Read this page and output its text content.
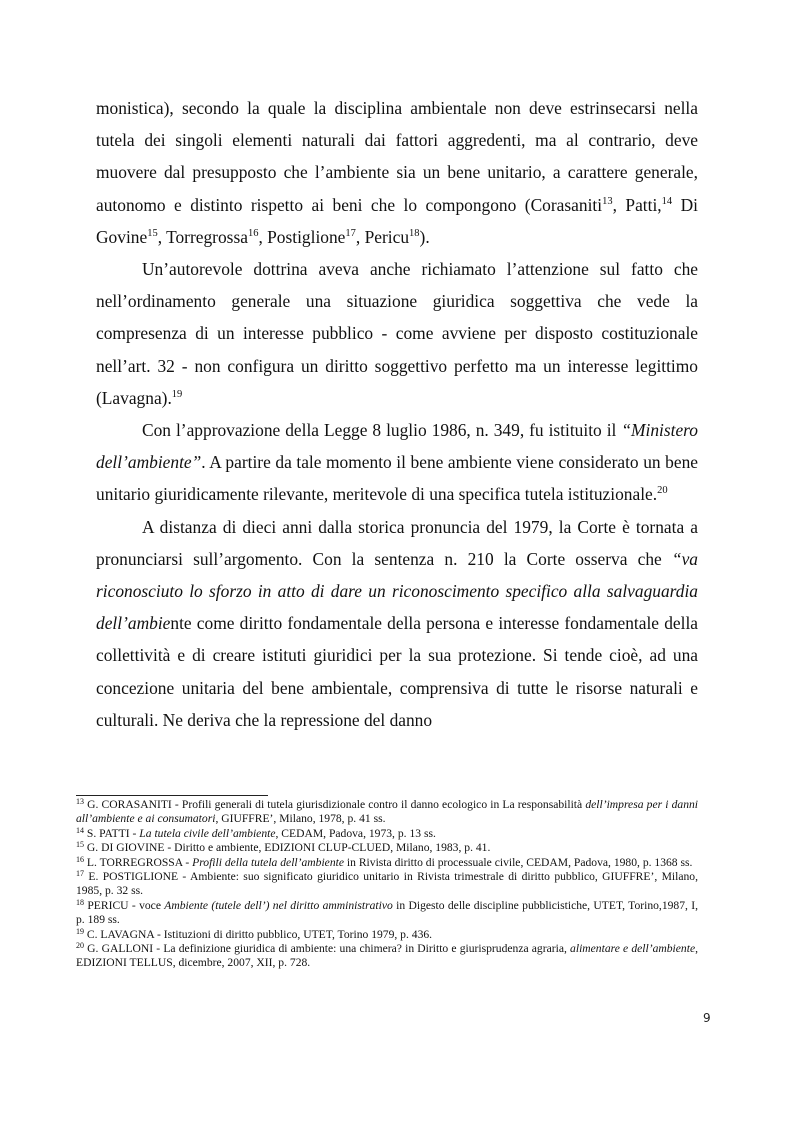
monistica), secondo la quale la disciplina ambientale non deve estrinsecarsi nella tutela dei singoli elementi naturali dai fattori aggredenti, ma al contrario, deve muovere dal presupposto che l’ambiente sia un bene unitario, a carattere generale, autonomo e distinto rispetto ai beni che lo compongono (Corasaniti$^{13}$, Patti,$^{14}$ Di Govine$^{15}$, Torregrossa$^{16}$, Postiglione$^{17}$, Pericu$^{18}$).

Un’autorevole dottrina aveva anche richiamato l’attenzione sul fatto che nell’ordinamento generale una situazione giuridica soggettiva che vede la compresenza di un interesse pubblico - come avviene per disposto costituzionale nell’art. 32 - non configura un diritto soggettivo perfetto ma un interesse legittimo (Lavagna).$^{19}$

Con l’approvazione della Legge 8 luglio 1986, n. 349, fu istituito il “Ministero dell’ambiente”. A partire da tale momento il bene ambiente viene considerato un bene unitario giuridicamente rilevante, meritevole di una specifica tutela istituzionale.$^{20}$

A distanza di dieci anni dalla storica pronuncia del 1979, la Corte è tornata a pronunciarsi sull’argomento. Con la sentenza n. 210 la Corte osserva che “va riconosciuto lo sforzo in atto di dare un riconoscimento specifico alla salvaguardia dell’ambiente come diritto fondamentale della persona e interesse fondamentale della collettività e di creare istituti giuridici per la sua protezione. Si tende cioè, ad una concezione unitaria del bene ambientale, comprensiva di tutte le risorse naturali e culturali. Ne deriva che la repressione del danno

$^{13}$ G. CORASANITI - Profili generali di tutela giurisdizionale contro il danno ecologico in La responsabilità dell’impresa per i danni all’ambiente e ai consumatori, GIUFFRE’, Milano, 1978, p. 41 ss.

$^{14}$ S. PATTI - La tutela civile dell’ambiente, CEDAM, Padova, 1973, p. 13 ss.

$^{15}$ G. DI GIOVINE - Diritto e ambiente, EDIZIONI CLUP-CLUED, Milano, 1983, p. 41.

$^{16}$ L. TORREGROSSA - Profili della tutela dell’ambiente in Rivista diritto di processuale civile, CEDAM, Padova, 1980, p. 1368 ss.

$^{17}$ E. POSTIGLIONE - Ambiente: suo significato giuridico unitario in Rivista trimestrale di diritto pubblico, GIUFFRE’, Milano, 1985, p. 32 ss.

$^{18}$ PERICU - voce Ambiente (tutele dell’) nel diritto amministrativo in Digesto delle discipline pubblicistiche, UTET, Torino,1987, I, p. 189 ss.

$^{19}$ C. LAVAGNA - Istituzioni di diritto pubblico, UTET, Torino 1979, p. 436.

$^{20}$ G. GALLONI - La definizione giuridica di ambiente: una chimera? in Diritto e giurisprudenza agraria, alimentare e dell’ambiente, EDIZIONI TELLUS, dicembre, 2007, XII, p. 728.

9
